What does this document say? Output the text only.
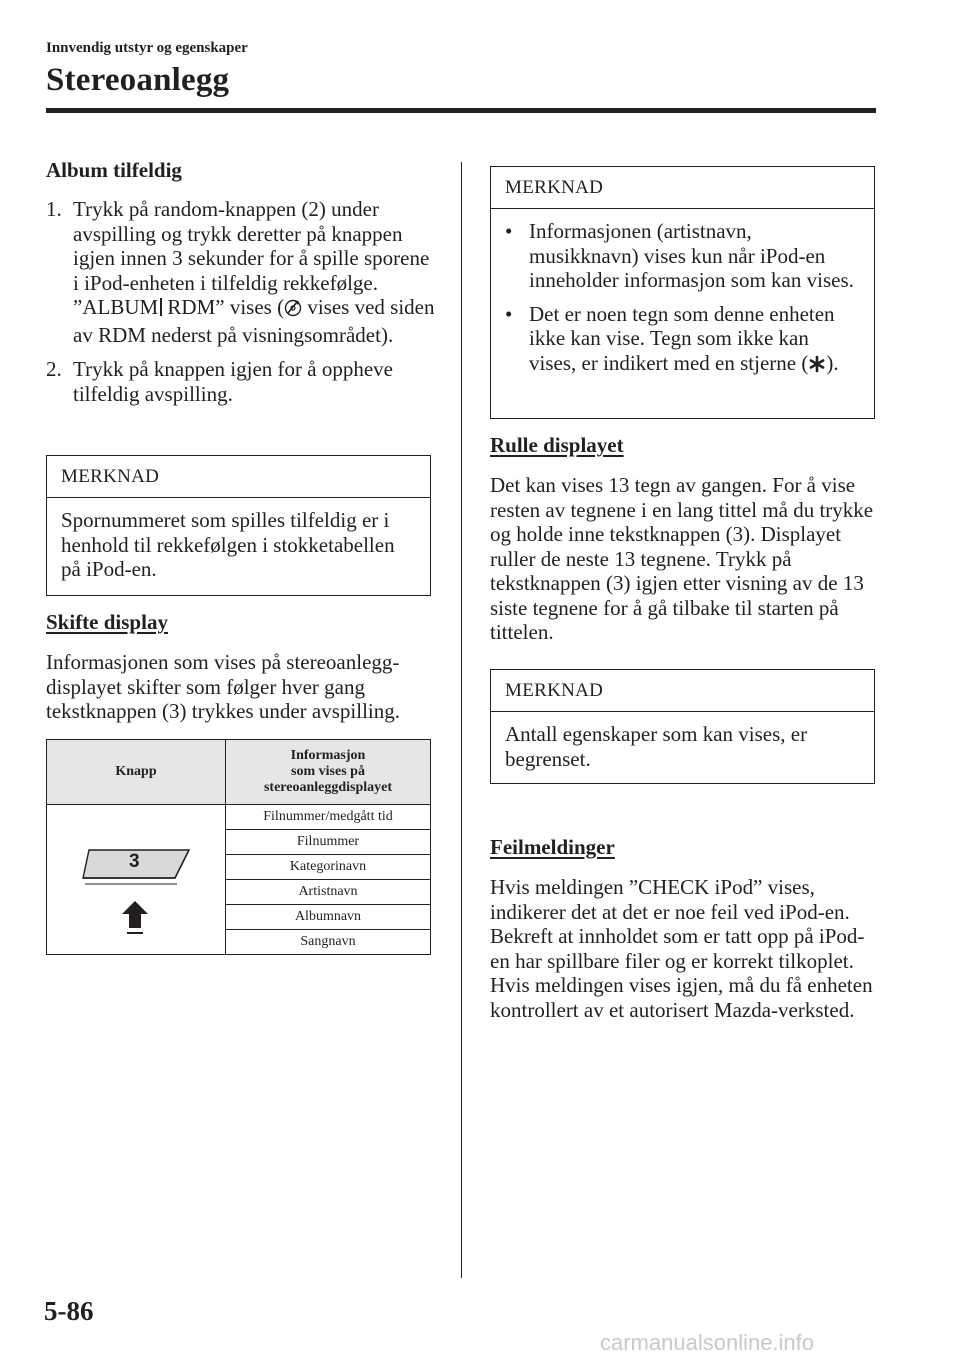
Innvendig utstyr og egenskaper
Stereoanlegg
Album tilfeldig
1. Trykk på random-knappen (2) under avspilling og trykk deretter på knappen igjen innen 3 sekunder for å spille sporene i iPod-enheten i tilfeldig rekkefølge. ”ALBUM RDM” vises ( vises ved siden av RDM nederst på visningsområdet).
2. Trykk på knappen igjen for å oppheve tilfeldig avspilling.
MERKNAD
Spornummeret som spilles tilfeldig er i henhold til rekkefølgen i stokketabellen på iPod-en.
Skifte display
Informasjonen som vises på stereoanlegg-displayet skifter som følger hver gang tekstknappen (3) trykkes under avspilling.
Knapp	Informasjon
som vises på
stereoanleggdisplayet

3	Filnummer/medgått tid
	Filnummer
	Kategorinavn
	Artistnavn
	Albumnavn
	Sangnavn
MERKNAD
• Informasjonen (artistnavn, musikknavn) vises kun når iPod-en inneholder informasjon som kan vises.
• Det er noen tegn som denne enheten ikke kan vise. Tegn som ikke kan vises, er indikert med en stjerne ( ).
Rulle displayet
Det kan vises 13 tegn av gangen. For å vise resten av tegnene i en lang tittel må du trykke og holde inne tekstknappen (3). Displayet ruller de neste 13 tegnene. Trykk på tekstknappen (3) igjen etter visning av de 13 siste tegnene for å gå tilbake til starten på tittelen.
MERKNAD
Antall egenskaper som kan vises, er begrenset.
Feilmeldinger
Hvis meldingen ”CHECK iPod” vises, indikerer det at det er noe feil ved iPod-en. Bekreft at innholdet som er tatt opp på iPod-en har spillbare filer og er korrekt tilkoplet. Hvis meldingen vises igjen, må du få enheten kontrollert av et autorisert Mazda-verksted.
5-86
carmanualsonline.info
